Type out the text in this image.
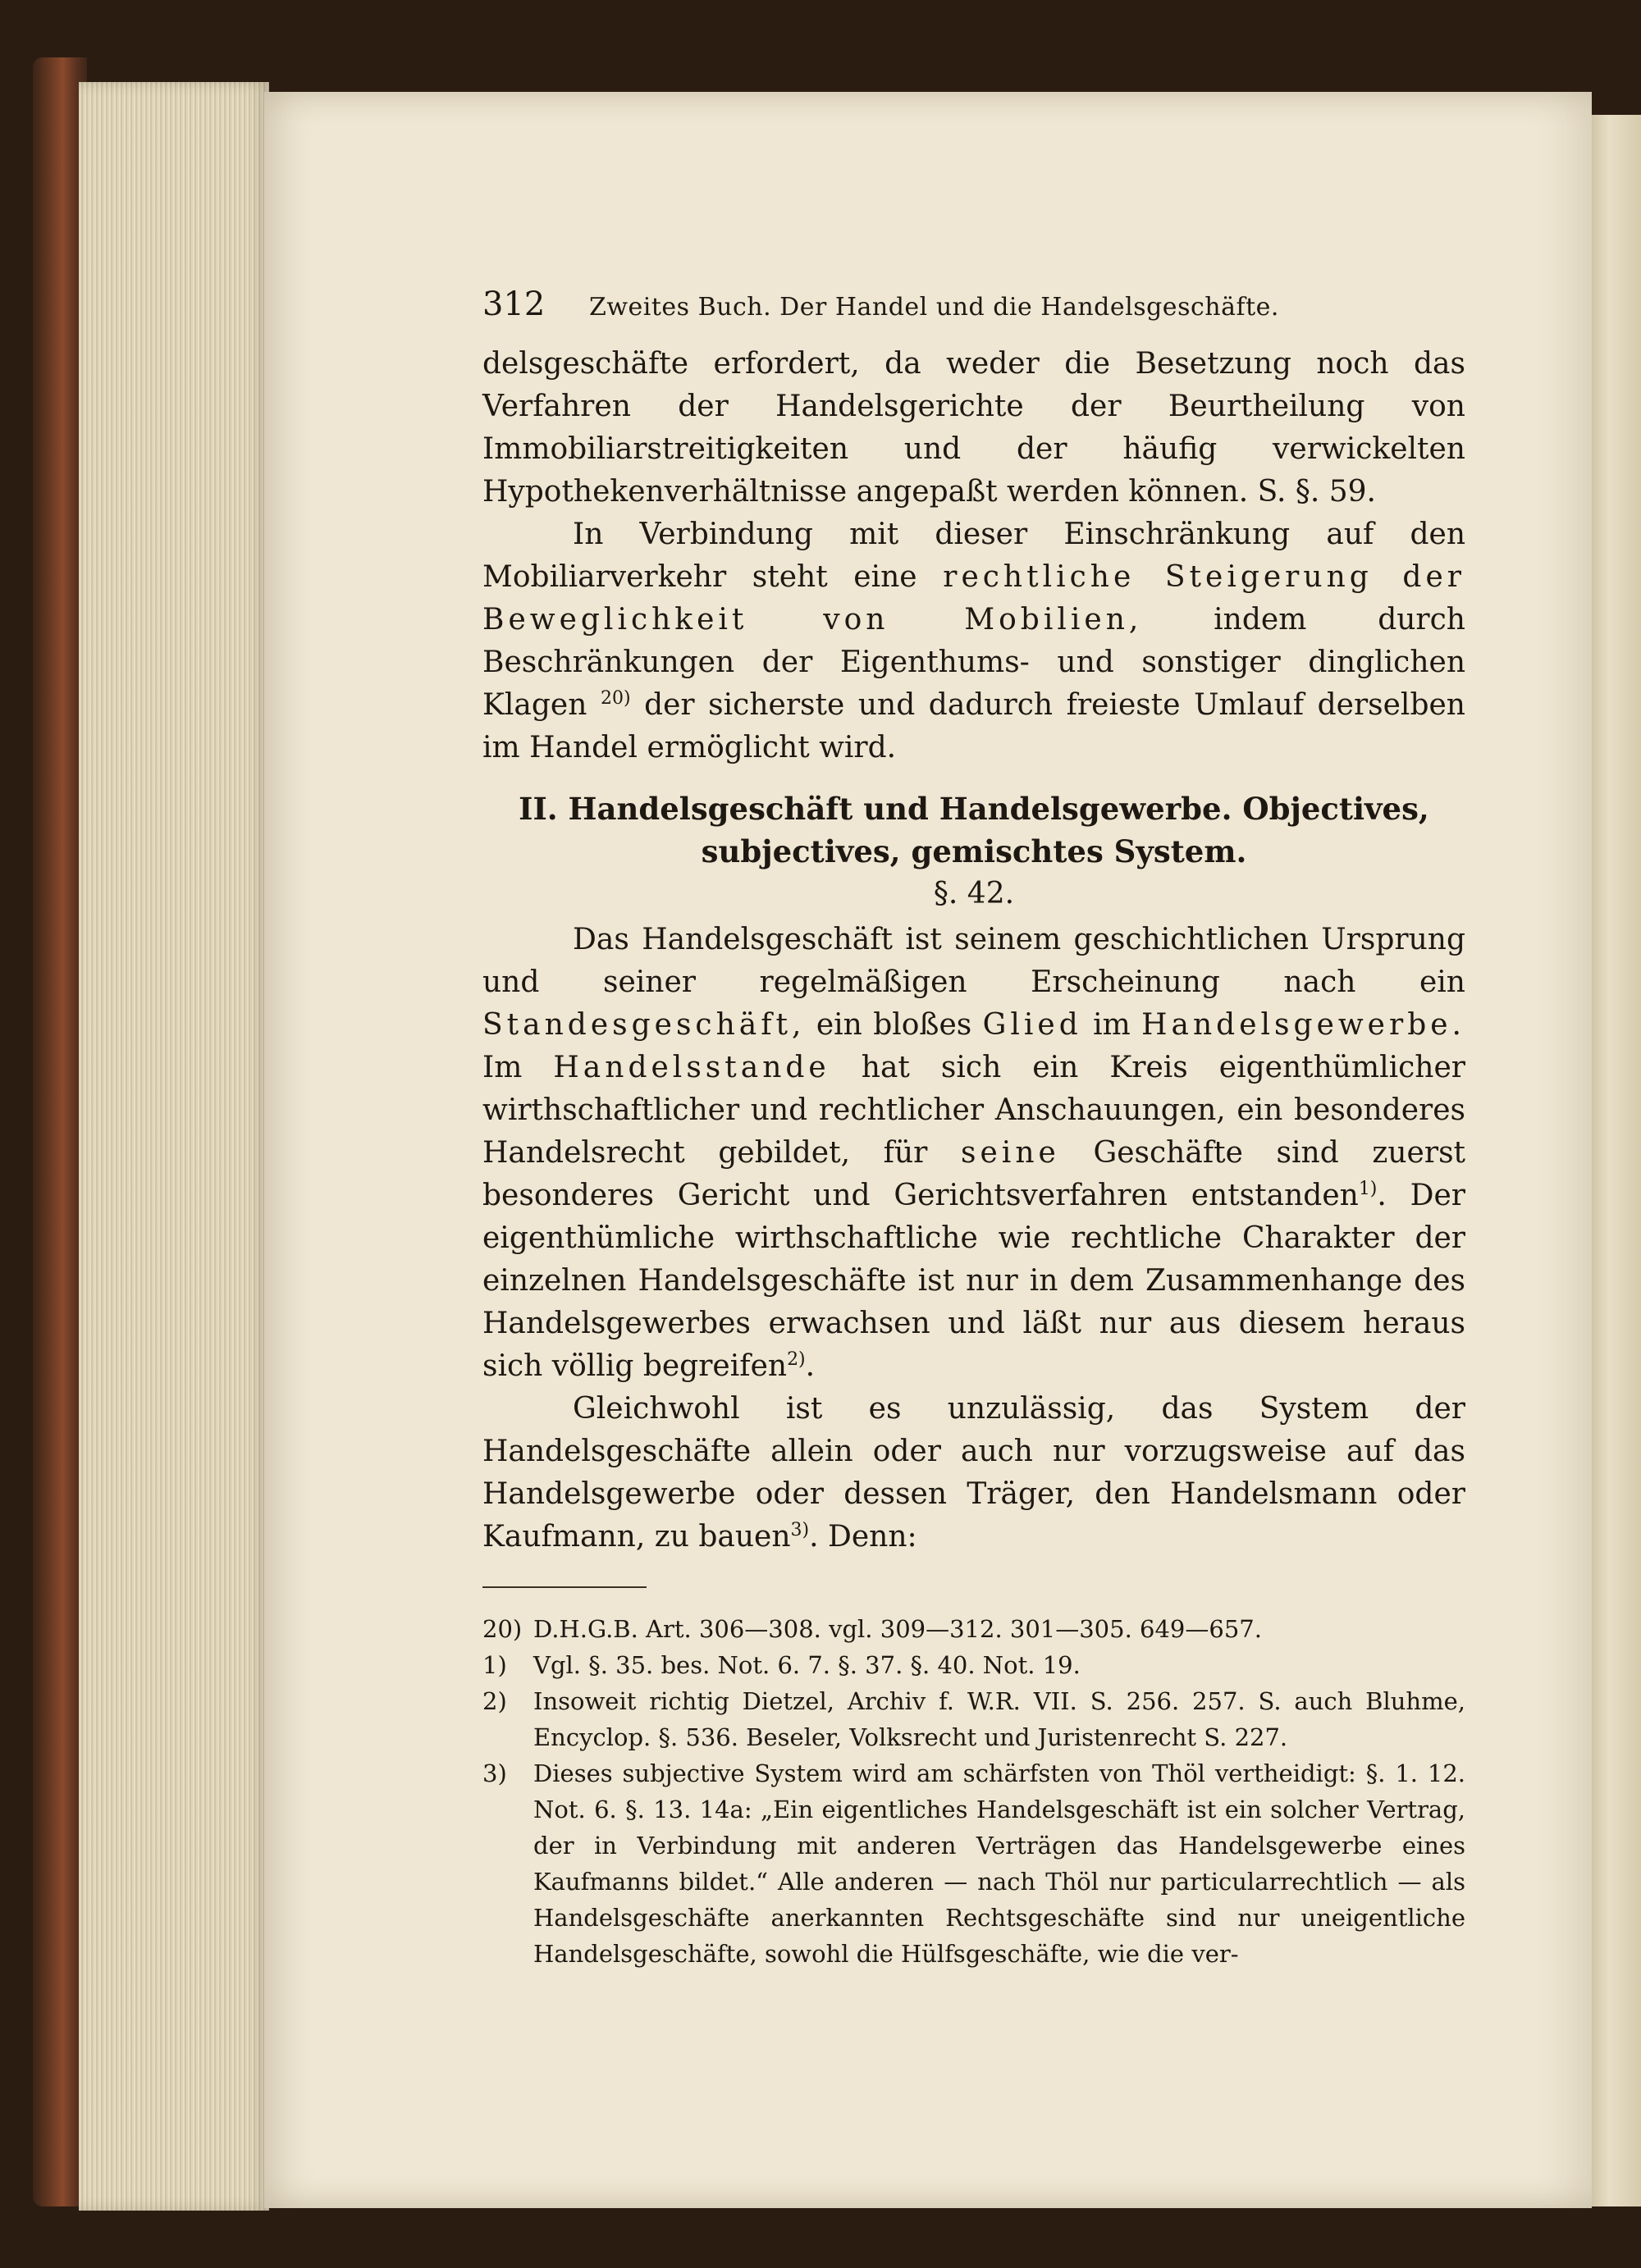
312	Zweites Buch. Der Handel und die Handelsgeschäfte.

delsgeschäfte erfordert, da weder die Besetzung noch das Verfahren der Handelsgerichte der Beurtheilung von Immobiliarstreitigkeiten und der häufig verwickelten Hypothekenverhältnisse angepaßt werden können. S. §. 59.

In Verbindung mit dieser Einschränkung auf den Mobiliarverkehr steht eine rechtliche Steigerung der Beweglichkeit von Mobilien, indem durch Beschränkungen der Eigenthums- und sonstiger dinglichen Klagen $^{20)}$ der sicherste und dadurch freieste Umlauf derselben im Handel ermöglicht wird.

II. Handelsgeschäft und Handelsgewerbe. Objectives, subjectives, gemischtes System.
§. 42.

Das Handelsgeschäft ist seinem geschichtlichen Ursprung und seiner regelmäßigen Erscheinung nach ein Standesgeschäft, ein bloßes Glied im Handelsgewerbe. Im Handelsstande hat sich ein Kreis eigenthümlicher wirthschaftlicher und rechtlicher Anschauungen, ein besonderes Handelsrecht gebildet, für seine Geschäfte sind zuerst besonderes Gericht und Gerichtsverfahren entstanden$^{1)}$. Der eigenthümliche wirthschaftliche wie rechtliche Charakter der einzelnen Handelsgeschäfte ist nur in dem Zusammenhange des Handelsgewerbes erwachsen und läßt nur aus diesem heraus sich völlig begreifen$^{2)}$.

Gleichwohl ist es unzulässig, das System der Handelsgeschäfte allein oder auch nur vorzugsweise auf das Handelsgewerbe oder dessen Träger, den Handelsmann oder Kaufmann, zu bauen$^{3)}$. Denn:

20) D.H.G.B. Art. 306—308. vgl. 309—312. 301—305. 649—657.

1)	Vgl. §. 35. bes. Not. 6. 7. §. 37. §. 40. Not. 19.

2)	Insoweit richtig Dietzel, Archiv f. W.R. VII. S. 256. 257. S. auch Bluhme, Encyclop. §. 536. Beseler, Volksrecht und Juristenrecht S. 227.

3)	Dieses subjective System wird am schärfsten von Thöl vertheidigt: §. 1. 12. Not. 6. §. 13. 14a: „Ein eigentliches Handelsgeschäft ist ein solcher Vertrag, der in Verbindung mit anderen Verträgen das Handelsgewerbe eines Kaufmanns bildet.“ Alle anderen — nach Thöl nur particularrechtlich — als Handelsgeschäfte anerkannten Rechtsgeschäfte sind nur uneigentliche Handelsgeschäfte, sowohl die Hülfsgeschäfte, wie die ver-
